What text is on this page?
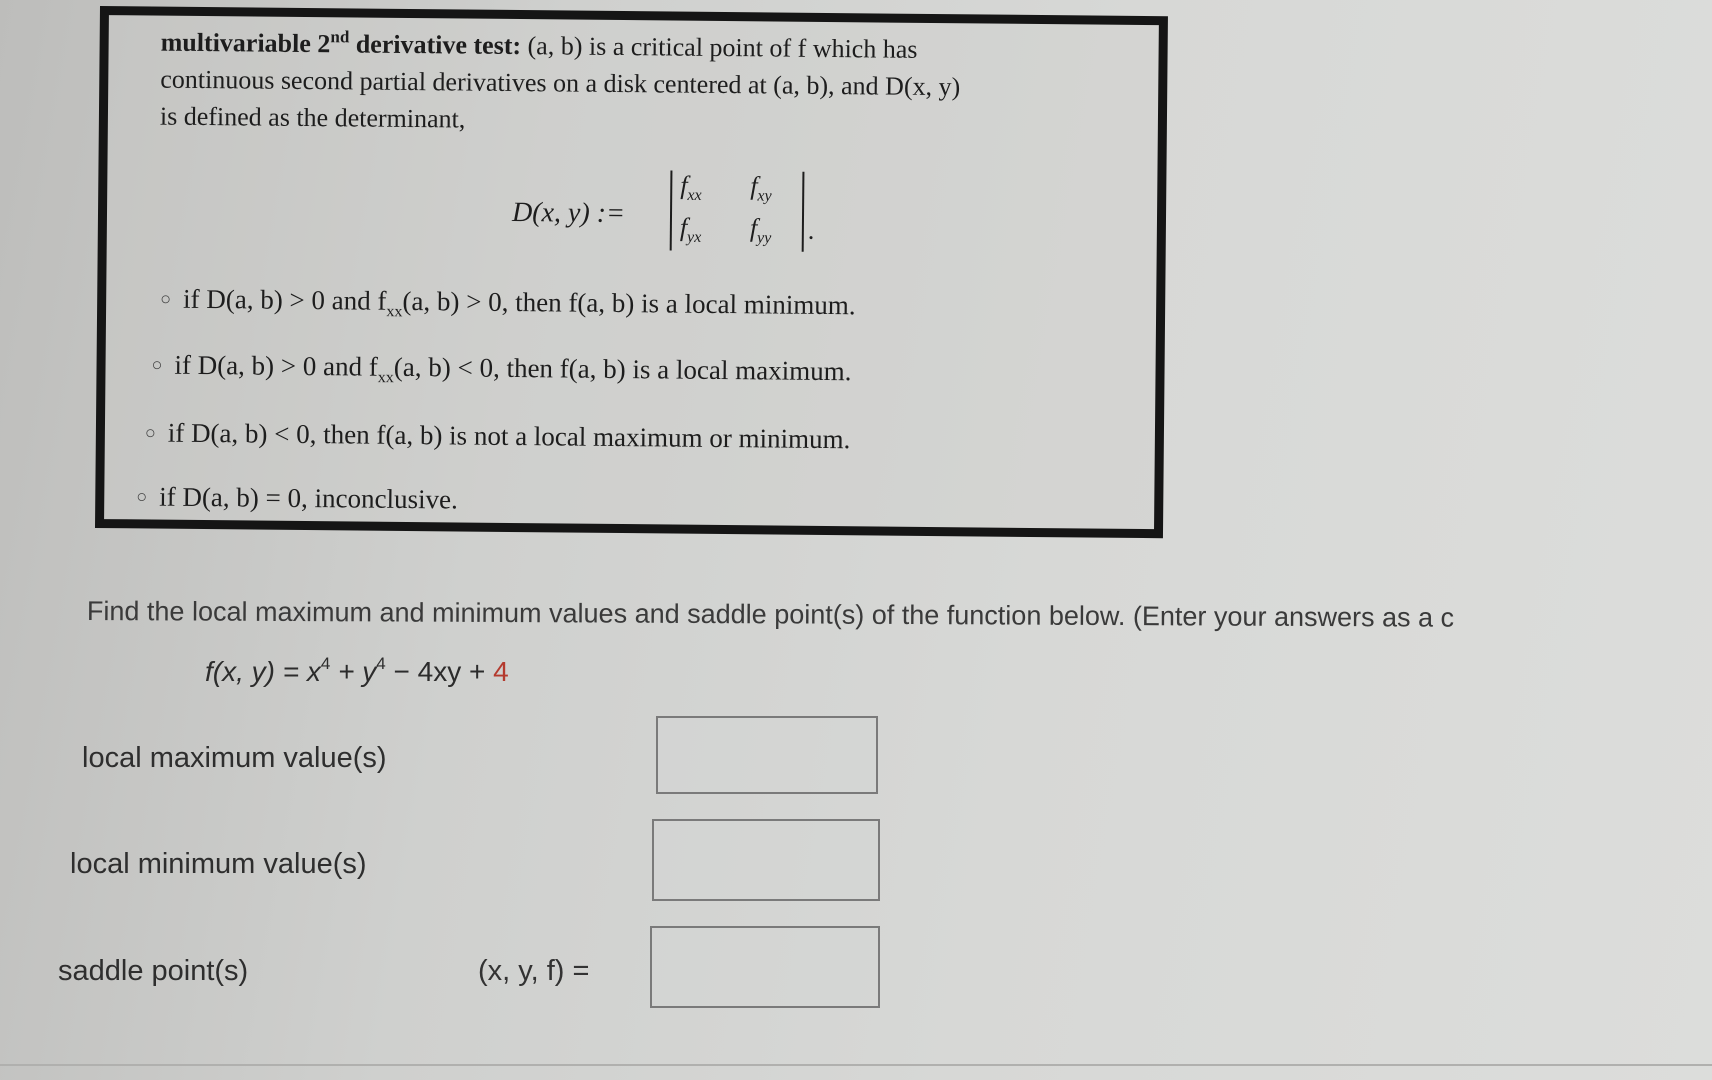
multivariable 2nd derivative test: (a, b) is a critical point of f which has
continuous second partial derivatives on a disk centered at (a, b), and D(x, y)
is defined as the determinant,
D(x, y) :=
$f_{xx}$ $f_{xy}$
$f_{yx}$ $f_{yy}$ .
○ if D(a, b) > 0 and $f_{xx}(a$, b) > 0, then f(a, b) is a local minimum.
○ if D(a, b) > 0 and $f_{xx}(a$, b) < 0, then f(a, b) is a local maximum.
○ if D(a, b) < 0, then f(a, b) is not a local maximum or minimum.
○ if D(a, b) = 0, inconclusive.
Find the local maximum and minimum values and saddle point(s) of the function below. (Enter your answers as a c
f(x, $y) = x^4 + y^4 - 4xy + 4$
local maximum value(s)
local minimum value(s)
saddle point(s)	(x, y, f) =
